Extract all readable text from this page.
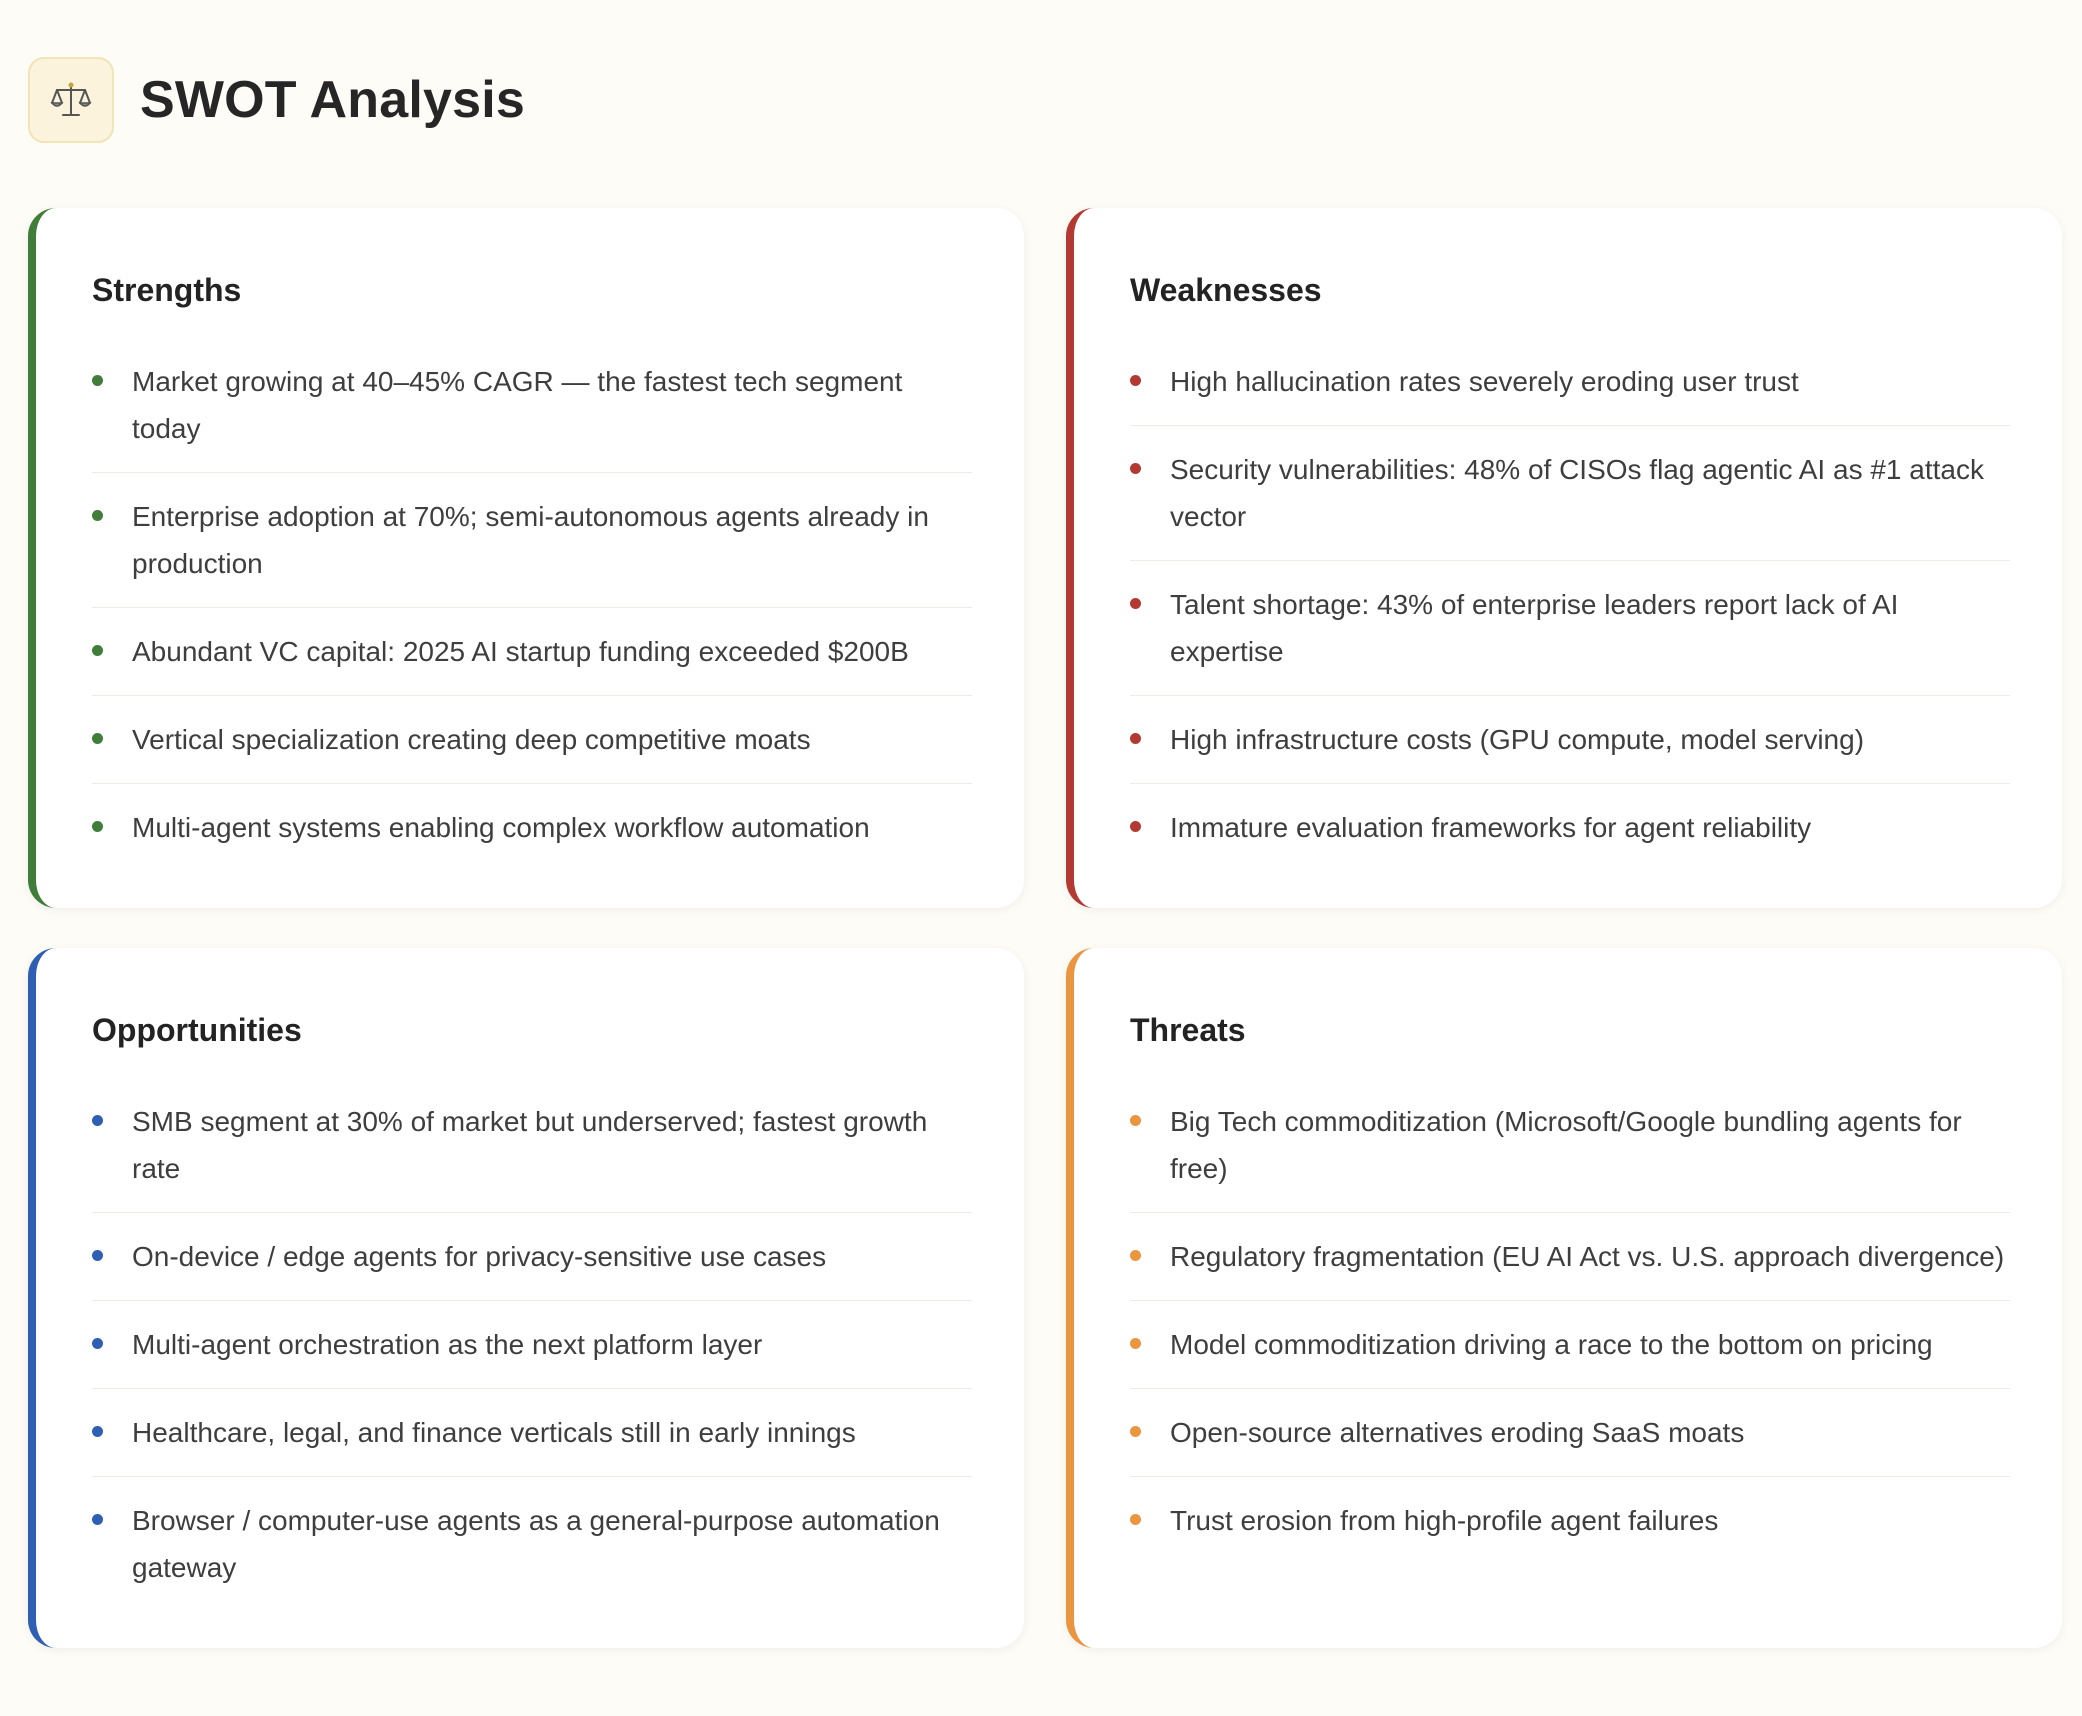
SWOT Analysis
Strengths
Market growing at 40–45% CAGR — the fastest tech segment today
Enterprise adoption at 70%; semi-autonomous agents already in production
Abundant VC capital: 2025 AI startup funding exceeded $200B
Vertical specialization creating deep competitive moats
Multi-agent systems enabling complex workflow automation
Weaknesses
High hallucination rates severely eroding user trust
Security vulnerabilities: 48% of CISOs flag agentic AI as #1 attack vector
Talent shortage: 43% of enterprise leaders report lack of AI expertise
High infrastructure costs (GPU compute, model serving)
Immature evaluation frameworks for agent reliability
Opportunities
SMB segment at 30% of market but underserved; fastest growth rate
On-device / edge agents for privacy-sensitive use cases
Multi-agent orchestration as the next platform layer
Healthcare, legal, and finance verticals still in early innings
Browser / computer-use agents as a general-purpose automation gateway
Threats
Big Tech commoditization (Microsoft/Google bundling agents for free)
Regulatory fragmentation (EU AI Act vs. U.S. approach divergence)
Model commoditization driving a race to the bottom on pricing
Open-source alternatives eroding SaaS moats
Trust erosion from high-profile agent failures
